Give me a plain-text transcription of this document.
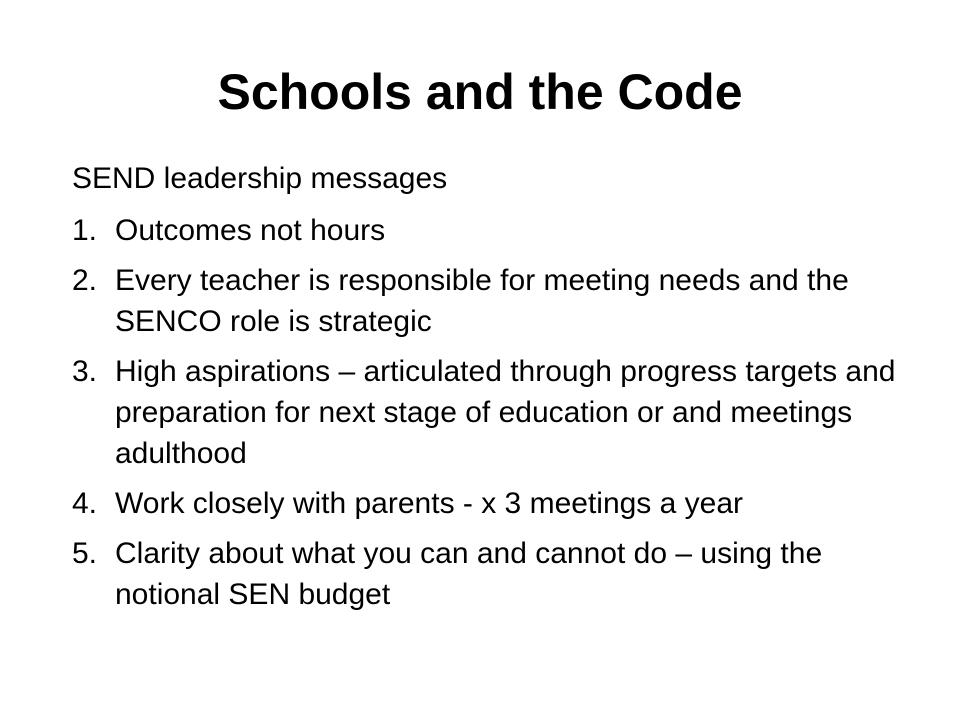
Schools and the Code

SEND leadership messages

1. Outcomes not hours
2. Every teacher is responsible for meeting needs and the SENCO role is strategic
3. High aspirations – articulated through progress targets and preparation for next stage of education or and meetings adulthood
4. Work closely with parents - x 3 meetings a year
5. Clarity about what you can and cannot do – using the notional SEN budget
